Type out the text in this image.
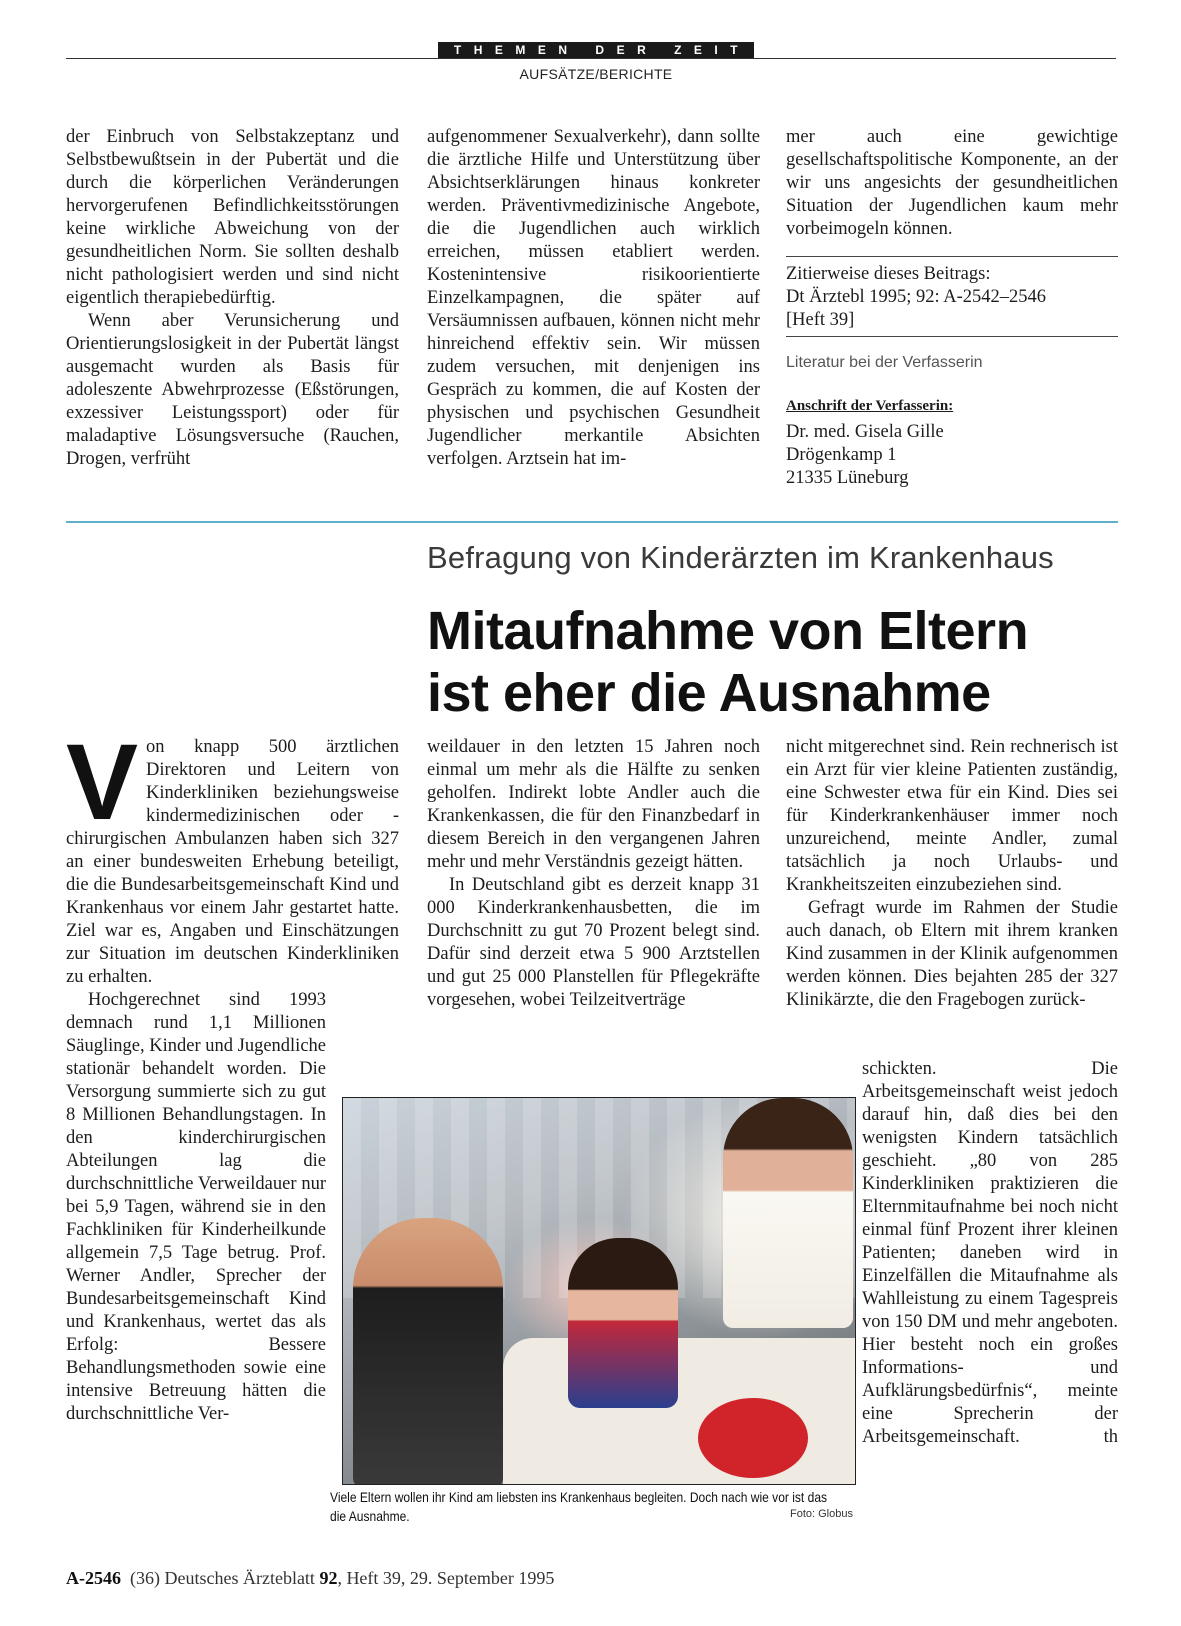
THEMEN DER ZEIT
AUFSÄTZE/BERICHTE

der Einbruch von Selbstakzeptanz und Selbstbewußtsein in der Pubertät und die durch die körperlichen Veränderungen hervorgerufenen Befindlichkeitsstörungen keine wirkliche Abweichung von der gesundheitlichen Norm. Sie sollten deshalb nicht pathologisiert werden und sind nicht eigentlich therapiebedürftig.

Wenn aber Verunsicherung und Orientierungslosigkeit in der Pubertät längst ausgemacht wurden als Basis für adoleszente Abwehrprozesse (Eßstörungen, exzessiver Leistungssport) oder für maladaptive Lösungsversuche (Rauchen, Drogen, verfrüht

aufgenommener Sexualverkehr), dann sollte die ärztliche Hilfe und Unterstützung über Absichtserklärungen hinaus konkreter werden. Präventivmedizinische Angebote, die die Jugendlichen auch wirklich erreichen, müssen etabliert werden. Kostenintensive risikoorientierte Einzelkampagnen, die später auf Versäumnissen aufbauen, können nicht mehr hinreichend effektiv sein. Wir müssen zudem versuchen, mit denjenigen ins Gespräch zu kommen, die auf Kosten der physischen und psychischen Gesundheit Jugendlicher merkantile Absichten verfolgen. Arztsein hat im-

mer auch eine gewichtige gesellschaftspolitische Komponente, an der wir uns angesichts der gesundheitlichen Situation der Jugendlichen kaum mehr vorbeimogeln können.

Zitierweise dieses Beitrags:
Dt Ärztebl 1995; 92: A-2542–2546
[Heft 39]
Literatur bei der Verfasserin
Anschrift der Verfasserin:
Dr. med. Gisela Gille
Drögenkamp 1
21335 Lüneburg
Befragung von Kinderärzten im Krankenhaus
Mitaufnahme von Eltern
ist eher die Ausnahme

Von knapp 500 ärztlichen Direktoren und Leitern von Kinderkliniken beziehungsweise kindermedizinischen oder -chirurgischen Ambulanzen haben sich 327 an einer bundesweiten Erhebung beteiligt, die die Bundesarbeitsgemeinschaft Kind und Krankenhaus vor einem Jahr gestartet hatte. Ziel war es, Angaben und Einschätzungen zur Situation im deutschen Kinderkliniken zu erhalten.

Hochgerechnet sind 1993 demnach rund 1,1 Millionen Säuglinge, Kinder und Jugendliche stationär behandelt worden. Die Versorgung summierte sich zu gut 8 Millionen Behandlungstagen. In den kinderchirurgischen Abteilungen lag die durchschnittliche Verweildauer nur bei 5,9 Tagen, während sie in den Fachkliniken für Kinderheilkunde allgemein 7,5 Tage betrug. Prof. Werner Andler, Sprecher der Bundesarbeitsgemeinschaft Kind und Krankenhaus, wertet das als Erfolg: Bessere Behandlungsmethoden sowie eine intensive Betreuung hätten die durchschnittliche Ver-

weildauer in den letzten 15 Jahren noch einmal um mehr als die Hälfte zu senken geholfen. Indirekt lobte Andler auch die Krankenkassen, die für den Finanzbedarf in diesem Bereich in den vergangenen Jahren mehr und mehr Verständnis gezeigt hätten.

In Deutschland gibt es derzeit knapp 31 000 Kinderkrankenhausbetten, die im Durchschnitt zu gut 70 Prozent belegt sind. Dafür sind derzeit etwa 5 900 Arztstellen und gut 25 000 Planstellen für Pflegekräfte vorgesehen, wobei Teilzeitverträge

nicht mitgerechnet sind. Rein rechnerisch ist ein Arzt für vier kleine Patienten zuständig, eine Schwester etwa für ein Kind. Dies sei für Kinderkrankenhäuser immer noch unzureichend, meinte Andler, zumal tatsächlich ja noch Urlaubs- und Krankheitszeiten einzubeziehen sind.

Gefragt wurde im Rahmen der Studie auch danach, ob Eltern mit ihrem kranken Kind zusammen in der Klinik aufgenommen werden können. Dies bejahten 285 der 327 Klinikärzte, die den Fragebogen zurück-

schickten. Die Arbeitsgemeinschaft weist jedoch darauf hin, daß dies bei den wenigsten Kindern tatsächlich geschieht. „80 von 285 Kinderkliniken praktizieren die Elternmitaufnahme bei noch nicht einmal fünf Prozent ihrer kleinen Patienten; daneben wird in Einzelfällen die Mitaufnahme als Wahlleistung zu einem Tagespreis von 150 DM und mehr angeboten. Hier besteht noch ein großes Informations- und Aufklärungsbedürfnis“, meinte eine Sprecherin der Arbeitsgemeinschaft.	th

Viele Eltern wollen ihr Kind am liebsten ins Krankenhaus begleiten. Doch nach wie vor ist das die Ausnahme.	Foto: Globus
A-2546 (36) Deutsches Ärzteblatt 92, Heft 39, 29. September 1995
